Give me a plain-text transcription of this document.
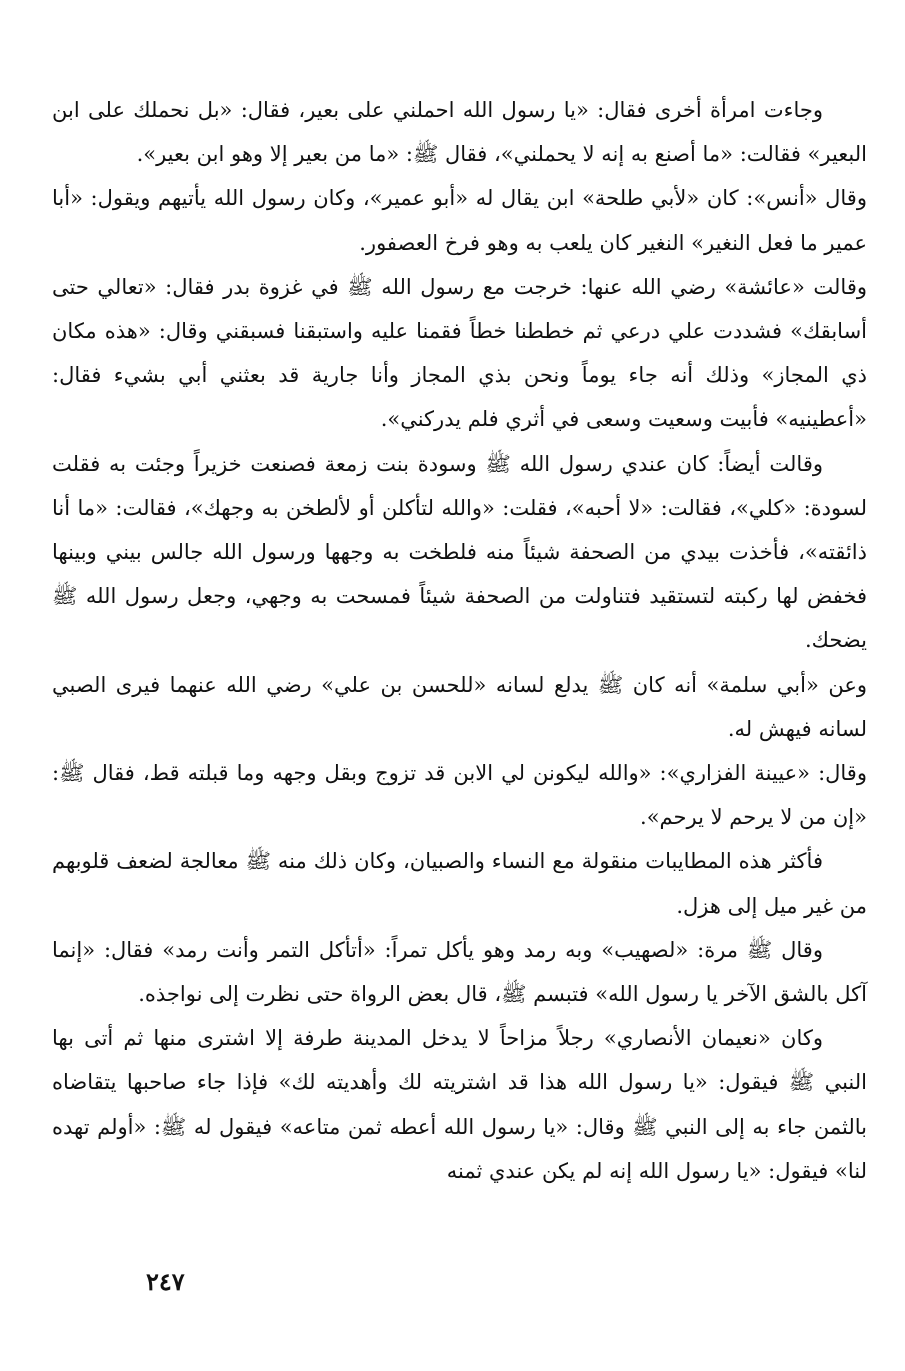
وجاءت امرأة أخرى فقال: «يا رسول الله احملني على بعير، فقال: «بل نحملك على ابن البعير» فقالت: «ما أصنع به إنه لا يحملني»، فقال ﷺ: «ما من بعير إلا وهو ابن بعير».

وقال «أنس»: كان «لأبي طلحة» ابن يقال له «أبو عمير»، وكان رسول الله يأتيهم ويقول: «أبا عمير ما فعل النغير» النغير كان يلعب به وهو فرخ العصفور.

وقالت «عائشة» رضي الله عنها: خرجت مع رسول الله ﷺ في غزوة بدر فقال: «تعالي حتى أسابقك» فشددت علي درعي ثم خططنا خطاً فقمنا عليه واستبقنا فسبقني وقال: «هذه مكان ذي المجاز» وذلك أنه جاء يوماً ونحن بذي المجاز وأنا جارية قد بعثني أبي بشيء فقال: «أعطينيه» فأبيت وسعيت وسعى في أثري فلم يدركني».

وقالت أيضاً: كان عندي رسول الله ﷺ وسودة بنت زمعة فصنعت خزيراً وجئت به فقلت لسودة: «كلي»، فقالت: «لا أحبه»، فقلت: «والله لتأكلن أو لألطخن به وجهك»، فقالت: «ما أنا ذائقته»، فأخذت بيدي من الصحفة شيئاً منه فلطخت به وجهها ورسول الله جالس بيني وبينها فخفض لها ركبته لتستقيد فتناولت من الصحفة شيئاً فمسحت به وجهي، وجعل رسول الله ﷺ يضحك.

وعن «أبي سلمة» أنه كان ﷺ يدلع لسانه «للحسن بن علي» رضي الله عنهما فيرى الصبي لسانه فيهش له.

وقال: «عيينة الفزاري»: «والله ليكونن لي الابن قد تزوج وبقل وجهه وما قبلته قط، فقال ﷺ: «إن من لا يرحم لا يرحم».

فأكثر هذه المطايبات منقولة مع النساء والصبيان، وكان ذلك منه ﷺ معالجة لضعف قلوبهم من غير ميل إلى هزل.

وقال ﷺ مرة: «لصهيب» وبه رمد وهو يأكل تمراً: «أتأكل التمر وأنت رمد» فقال: «إنما آكل بالشق الآخر يا رسول الله» فتبسم ﷺ، قال بعض الرواة حتى نظرت إلى نواجذه.

وكان «نعيمان الأنصاري» رجلاً مزاحاً لا يدخل المدينة طرفة إلا اشترى منها ثم أتى بها النبي ﷺ فيقول: «يا رسول الله هذا قد اشتريته لك وأهديته لك» فإذا جاء صاحبها يتقاضاه بالثمن جاء به إلى النبي ﷺ وقال: «يا رسول الله أعطه ثمن متاعه» فيقول له ﷺ: «أولم تهده لنا» فيقول: «يا رسول الله إنه لم يكن عندي ثمنه

٢٤٧
